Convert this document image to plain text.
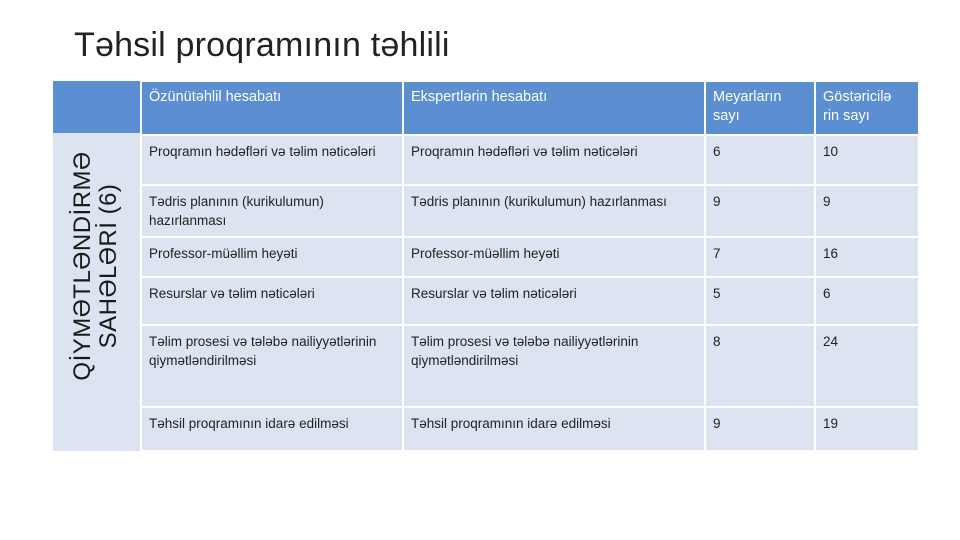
Təhsil proqramının təhlili
QİYMƏTLƏNDİRMƏ SAHƏLƏRİ (6)
Özünütəhlil hesabatı	Ekspertlərin hesabatı	Meyarların sayı	Göstəricilə rin sayı
Proqramın hədəfləri və təlim nəticələri	Proqramın hədəfləri və təlim nəticələri	6	10
Tədris planının (kurikulumun) hazırlanması	Tədris planının (kurikulumun) hazırlanması	9	9
Professor-müəllim heyəti	Professor-müəllim heyəti	7	16
Resurslar və təlim nəticələri	Resurslar və təlim nəticələri	5	6
Təlim prosesi və tələbə nailiyyətlərinin qiymətləndirilməsi	Təlim prosesi və tələbə nailiyyətlərinin qiymətləndirilməsi	8	24
Təhsil proqramının idarə edilməsi	Təhsil proqramının idarə edilməsi	9	19
